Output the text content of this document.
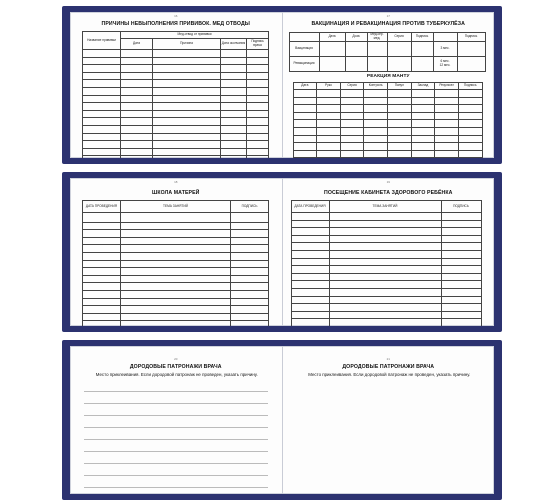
16
ПРИЧИНЫ НЕВЫПОЛНЕНИЯ ПРИВИВОК. МЕД ОТВОДЫ
Название прививки	Мед.отвод от прививки			
	Дата	Причина	Дата окончания	Подпись врача

17
ВАКЦИНАЦИЯ И РЕВАКЦИНАЦИЯ ПРОТИВ ТУБЕРКУЛЁЗА
	Дата	Доза	Мед.сер. мед.	Серия	Подпись		Подпись
Вакцинация						3 мес.	
Ревакцинация						6 мес.
12 мес.	
РЕАКЦИЯ МАНТУ
Дата	Руко	Серия	Контроль	Папул	Заклад	Результат	Подпись

18
ШКОЛА МАТЕРЕЙ
ДАТА ПРОВЕДЕНИЯ	ТЕМА ЗАНЯТИЙ	ПОДПИСЬ

19
ПОСЕЩЕНИЕ КАБИНЕТА ЗДОРОВОГО РЕБЁНКА
ДАТА ПРОВЕДЕНИЯ	ТЕМА ЗАНЯТИЙ	ПОДПИСЬ

20
ДОРОДОВЫЕ ПАТРОНАЖИ ВРАЧА
Место приклеивания. Если дородовой патронаж не проведен, указать причину.
21
ДОРОДОВЫЕ ПАТРОНАЖИ ВРАЧА
Место приклеивания. Если дородовой патронаж не проведен, указать причину.
